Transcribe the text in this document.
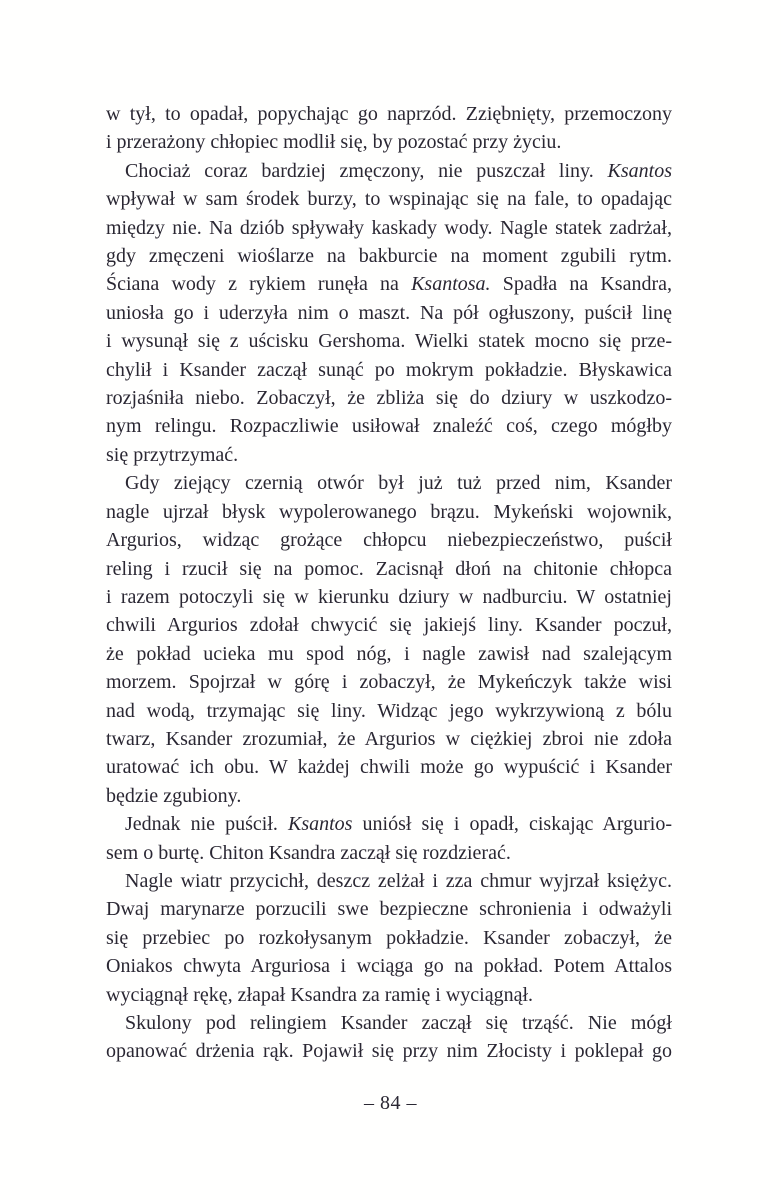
w tył, to opadał, popychając go naprzód. Zziębnięty, przemoczony
i przerażony chłopiec modlił się, by pozostać przy życiu.
Chociaż coraz bardziej zmęczony, nie puszczał liny. Ksantos
wpływał w sam środek burzy, to wspinając się na fale, to opadając
między nie. Na dziób spływały kaskady wody. Nagle statek zadrżał,
gdy zmęczeni wioślarze na bakburcie na moment zgubili rytm.
Ściana wody z rykiem runęła na Ksantosa. Spadła na Ksandra,
uniosła go i uderzyła nim o maszt. Na pół ogłuszony, puścił linę
i wysunął się z uścisku Gershoma. Wielki statek mocno się prze-
chylił i Ksander zaczął sunąć po mokrym pokładzie. Błyskawica
rozjaśniła niebo. Zobaczył, że zbliża się do dziury w uszkodzo-
nym relingu. Rozpaczliwie usiłował znaleźć coś, czego mógłby
się przytrzymać.
Gdy ziejący czernią otwór był już tuż przed nim, Ksander
nagle ujrzał błysk wypolerowanego brązu. Mykeński wojownik,
Argurios, widząc grożące chłopcu niebezpieczeństwo, puścił
reling i rzucił się na pomoc. Zacisnął dłoń na chitonie chłopca
i razem potoczyli się w kierunku dziury w nadburciu. W ostatniej
chwili Argurios zdołał chwycić się jakiejś liny. Ksander poczuł,
że pokład ucieka mu spod nóg, i nagle zawisł nad szalejącym
morzem. Spojrzał w górę i zobaczył, że Mykeńczyk także wisi
nad wodą, trzymając się liny. Widząc jego wykrzywioną z bólu
twarz, Ksander zrozumiał, że Argurios w ciężkiej zbroi nie zdoła
uratować ich obu. W każdej chwili może go wypuścić i Ksander
będzie zgubiony.
Jednak nie puścił. Ksantos uniósł się i opadł, ciskając Argurio-
sem o burtę. Chiton Ksandra zaczął się rozdzierać.
Nagle wiatr przycichł, deszcz zelżał i zza chmur wyjrzał księżyc.
Dwaj marynarze porzucili swe bezpieczne schronienia i odważyli
się przebiec po rozkołysanym pokładzie. Ksander zobaczył, że
Oniakos chwyta Arguriosa i wciąga go na pokład. Potem Attalos
wyciągnął rękę, złapał Ksandra za ramię i wyciągnął.
Skulony pod relingiem Ksander zaczął się trząść. Nie mógł
opanować drżenia rąk. Pojawił się przy nim Złocisty i poklepał go
– 84 –
